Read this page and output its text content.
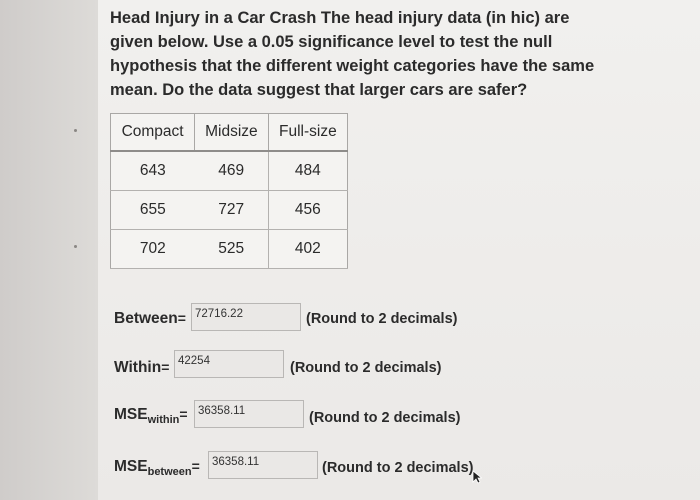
Head Injury in a Car Crash The head injury data (in hic) are given below. Use a 0.05 significance level to test the null hypothesis that the different weight categories have the same mean. Do the data suggest that larger cars are safer?
Compact	Midsize	Full-size
643	469	484
655	727	456
702	525	402
Between= 72716.22	(Round to 2 decimals)
Within= 42254	(Round to 2 decimals)
$MSE_{within}= 36358.11$	(Round to 2 decimals)
$MSE_{between}=$	36358.11	(Round to 2 decimals)
